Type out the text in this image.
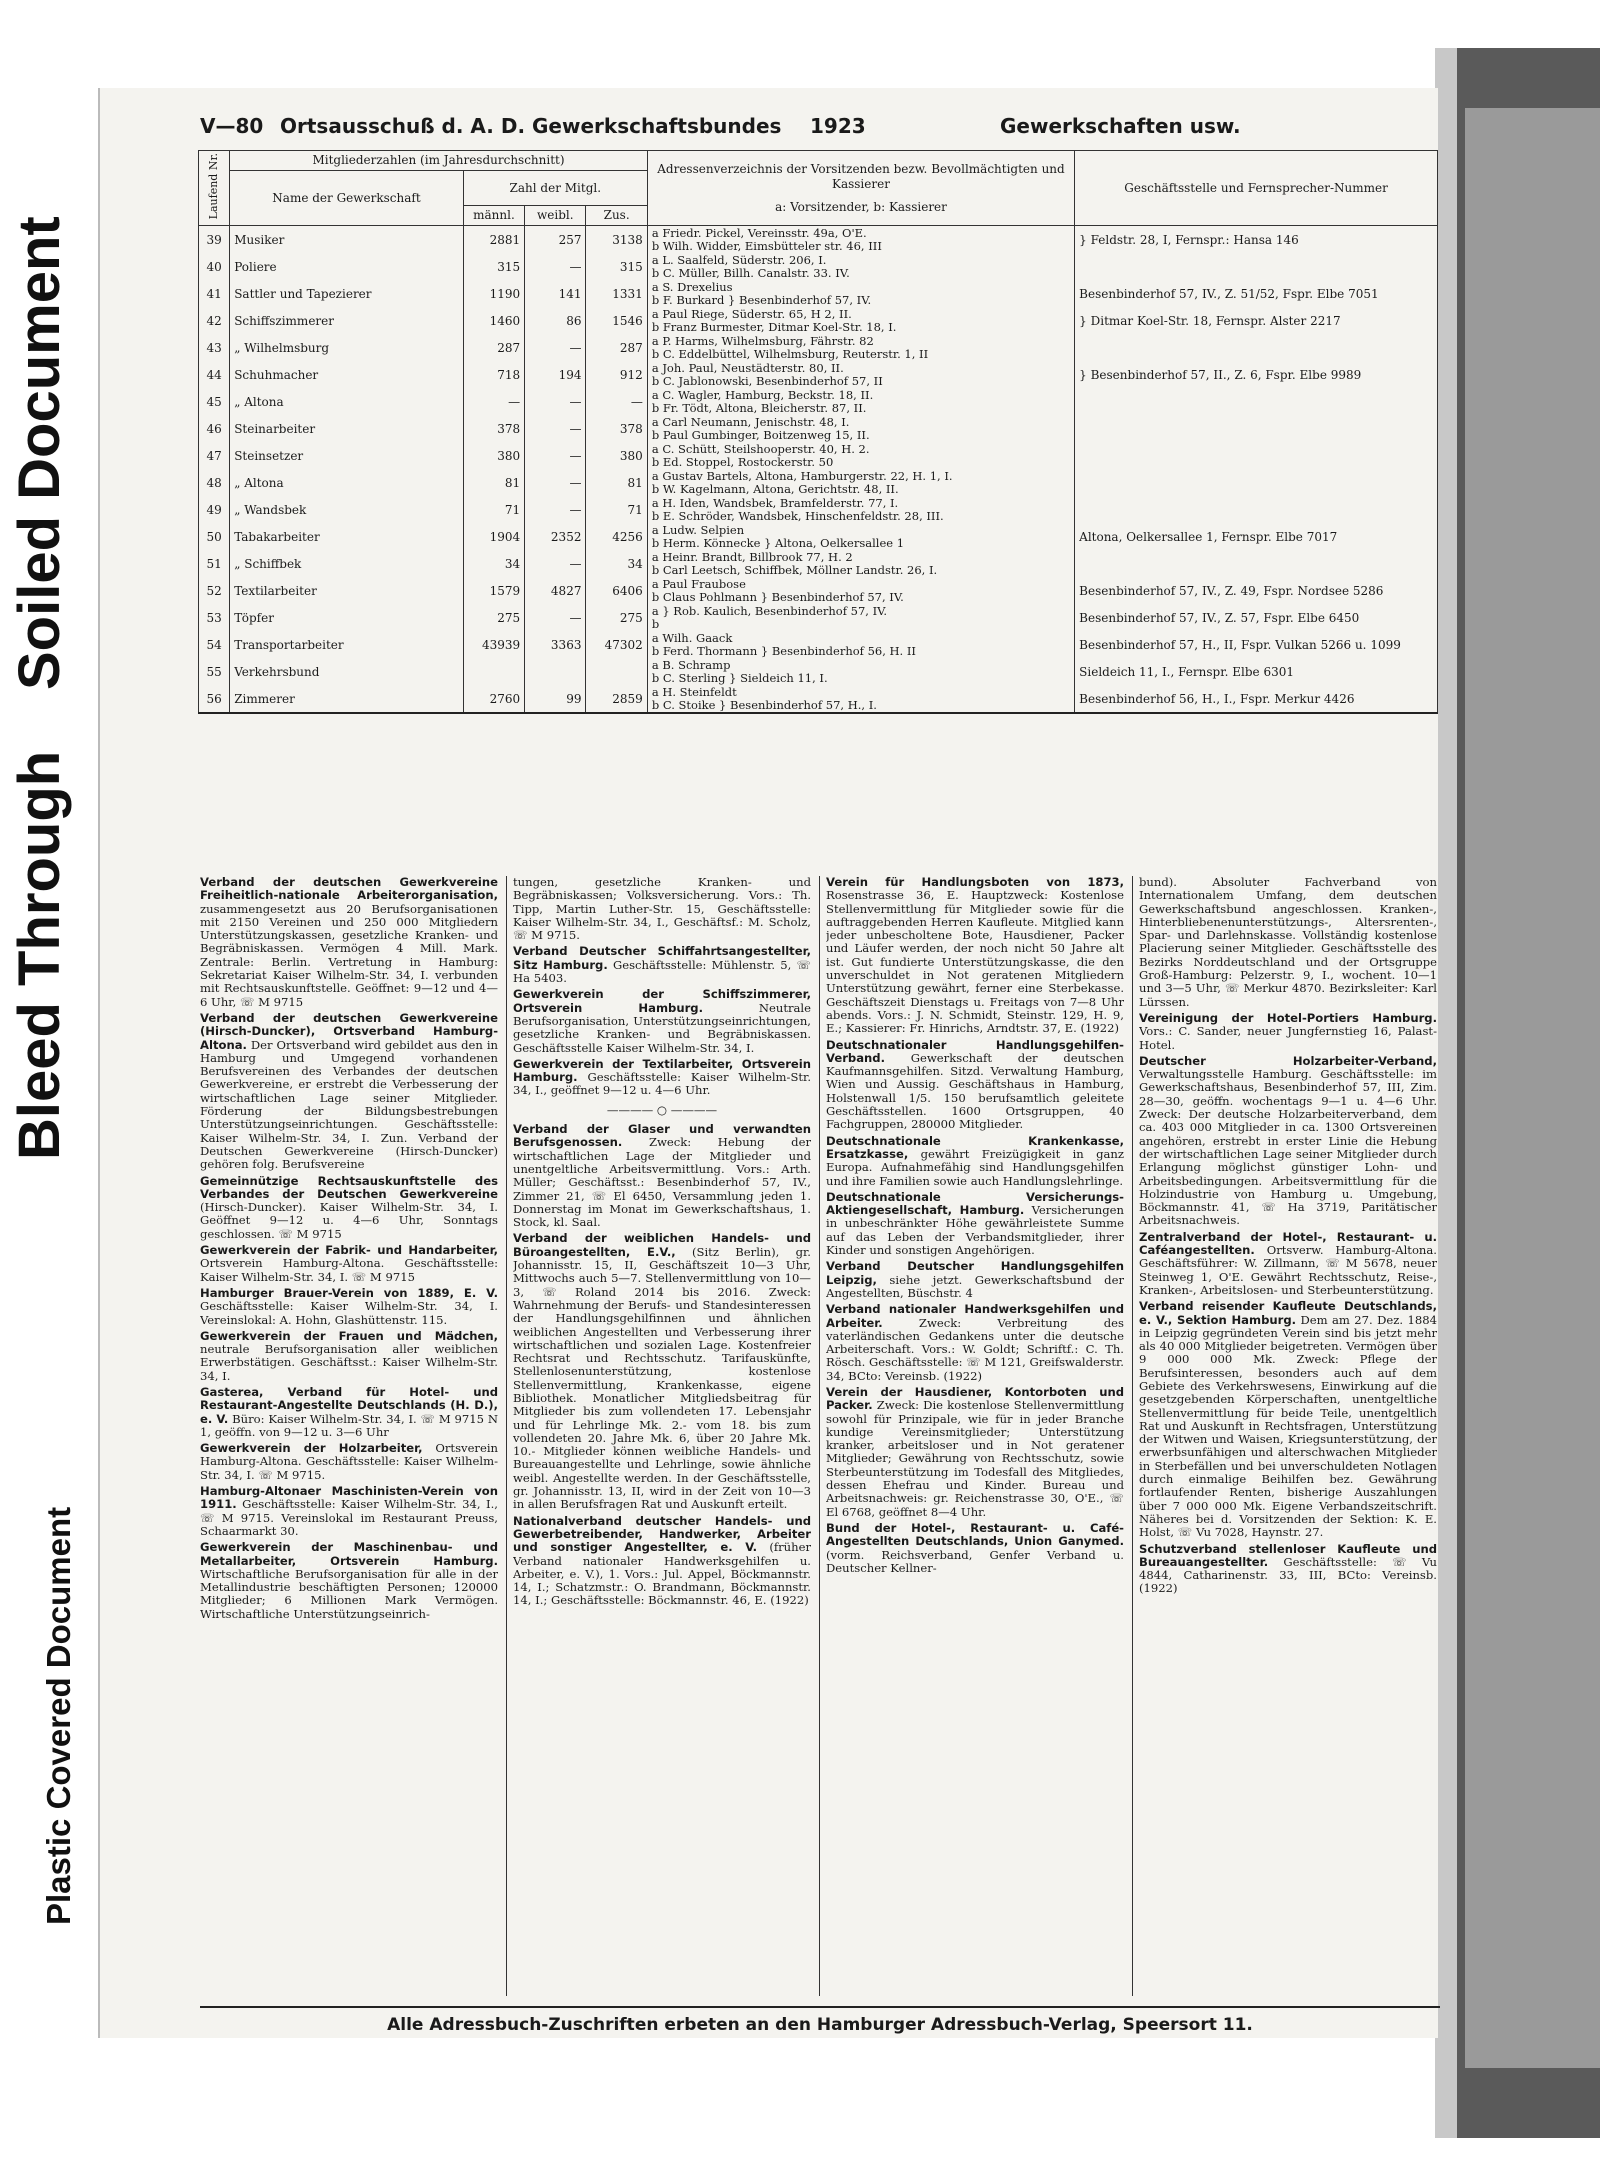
Soiled Document
Bleed Through
Plastic Covered Document
V—80 Ortsausschuß d. A. D. Gewerkschaftsbundes 1923	Gewerkschaften usw.
Laufend Nr.	Mitgliederzahlen (im Jahresdurchschnitt)				Adressenverzeichnis der Vorsitzenden bezw. Bevollmächtigten und Kassierer
a: Vorsitzender, b: Kassierer	Geschäftsstelle und Fernsprecher-Nummer
	Name der Gewerkschaft	Zahl der Mitgl.				
		männl.	weibl.	Zus.		
39	Musiker	2881	257	3138	a Friedr. Pickel, Vereinsstr. 49a, O'E.
b Wilh. Widder, Eimsbütteler str. 46, III	} Feldstr. 28, I, Fernspr.: Hansa 146
40	Poliere	315	—	315	a L. Saalfeld, Süderstr. 206, I.
b C. Müller, Billh. Canalstr. 33. IV.	

41	Sattler und Tapezierer	1190	141	1331	a S. Drexelius
b F. Burkard } Besenbinderhof 57, IV.	Besenbinderhof 57, IV., Z. 51/52, Fspr. Elbe 7051
42	Schiffszimmerer	1460	86	1546	a Paul Riege, Süderstr. 65, H 2, II.
b Franz Burmester, Ditmar Koel-Str. 18, I.	} Ditmar Koel-Str. 18, Fernspr. Alster 2217
43	„ Wilhelmsburg	287	—	287	a P. Harms, Wilhelmsburg, Fährstr. 82
b C. Eddelbüttel, Wilhelmsburg, Reuterstr. 1, II	

44	Schuhmacher	718	194	912	a Joh. Paul, Neustädterstr. 80, II.
b C. Jablonowski, Besenbinderhof 57, II	} Besenbinderhof 57, II., Z. 6, Fspr. Elbe 9989
45	„ Altona	—	—	—	a C. Wagler, Hamburg, Beckstr. 18, II.
b Fr. Tödt, Altona, Bleicherstr. 87, II.	

46	Steinarbeiter	378	—	378	a Carl Neumann, Jenischstr. 48, I.
b Paul Gumbinger, Boitzenweg 15, II.	

47	Steinsetzer	380	—	380	a C. Schütt, Steilshooperstr. 40, H. 2.
b Ed. Stoppel, Rostockerstr. 50	

48	„ Altona	81	—	81	a Gustav Bartels, Altona, Hamburgerstr. 22, H. 1, I.
b W. Kagelmann, Altona, Gerichtstr. 48, II.	

49	„ Wandsbek	71	—	71	a H. Iden, Wandsbek, Bramfelderstr. 77, I.
b E. Schröder, Wandsbek, Hinschenfeldstr. 28, III.	

50	Tabakarbeiter	1904	2352	4256	a Ludw. Selpien
b Herm. Könnecke } Altona, Oelkersallee 1	Altona, Oelkersallee 1, Fernspr. Elbe 7017
51	„ Schiffbek	34	—	34	a Heinr. Brandt, Billbrook 77, H. 2
b Carl Leetsch, Schiffbek, Möllner Landstr. 26, I.	

52	Textilarbeiter	1579	4827	6406	a Paul Fraubose
b Claus Pohlmann } Besenbinderhof 57, IV.	Besenbinderhof 57, IV., Z. 49, Fspr. Nordsee 5286
53	Töpfer	275	—	275	a } Rob. Kaulich, Besenbinderhof 57, IV.
b	Besenbinderhof 57, IV., Z. 57, Fspr. Elbe 6450
54	Transportarbeiter	43939	3363	47302	a Wilh. Gaack
b Ferd. Thormann } Besenbinderhof 56, H. II	Besenbinderhof 57, H., II, Fspr. Vulkan 5266 u. 1099
55	Verkehrsbund				a B. Schramp
b C. Sterling } Sieldeich 11, I.	Sieldeich 11, I., Fernspr. Elbe 6301
56	Zimmerer	2760	99	2859	a H. Steinfeldt
b C. Stoike } Besenbinderhof 57, H., I.	Besenbinderhof 56, H., I., Fspr. Merkur 4426
Verband der deutschen Gewerkvereine Freiheitlich-nationale Arbeiterorganisation, zusammengesetzt aus 20 Berufsorganisationen mit 2150 Vereinen und 250 000 Mitgliedern Unterstützungskassen, gesetzliche Kranken- und Begräbniskassen. Vermögen 4 Mill. Mark. Zentrale: Berlin. Vertretung in Hamburg: Sekretariat Kaiser Wilhelm-Str. 34, I. verbunden mit Rechtsauskunftstelle. Geöffnet: 9—12 und 4—6 Uhr, ☏ M 9715
Verband der deutschen Gewerkvereine (Hirsch-Duncker), Ortsverband Hamburg-Altona. Der Ortsverband wird gebildet aus den in Hamburg und Umgegend vorhandenen Berufsvereinen des Verbandes der deutschen Gewerkvereine, er erstrebt die Verbesserung der wirtschaftlichen Lage seiner Mitglieder. Förderung der Bildungsbestrebungen Unterstützungseinrichtungen. Geschäftsstelle: Kaiser Wilhelm-Str. 34, I. Zun. Verband der Deutschen Gewerkvereine (Hirsch-Duncker) gehören folg. Berufsvereine
Gemeinnützige Rechtsauskunftstelle des Verbandes der Deutschen Gewerkvereine (Hirsch-Duncker). Kaiser Wilhelm-Str. 34, I. Geöffnet 9—12 u. 4—6 Uhr, Sonntags geschlossen. ☏ M 9715
Gewerkverein der Fabrik- und Handarbeiter, Ortsverein Hamburg-Altona. Geschäftsstelle: Kaiser Wilhelm-Str. 34, I. ☏ M 9715
Hamburger Brauer-Verein von 1889, E. V. Geschäftsstelle: Kaiser Wilhelm-Str. 34, I. Vereinslokal: A. Hohn, Glashüttenstr. 115.
Gewerkverein der Frauen und Mädchen, neutrale Berufsorganisation aller weiblichen Erwerbstätigen. Geschäftsst.: Kaiser Wilhelm-Str. 34, I.
Gasterea, Verband für Hotel- und Restaurant-Angestellte Deutschlands (H. D.), e. V. Büro: Kaiser Wilhelm-Str. 34, I. ☏ M 9715 N 1, geöffn. von 9—12 u. 3—6 Uhr
Gewerkverein der Holzarbeiter, Ortsverein Hamburg-Altona. Geschäftsstelle: Kaiser Wilhelm-Str. 34, I. ☏ M 9715.
Hamburg-Altonaer Maschinisten-Verein von 1911. Geschäftsstelle: Kaiser Wilhelm-Str. 34, I., ☏ M 9715. Vereinslokal im Restaurant Preuss, Schaarmarkt 30.
Gewerkverein der Maschinenbau- und Metallarbeiter, Ortsverein Hamburg. Wirtschaftliche Berufsorganisation für alle in der Metallindustrie beschäftigten Personen; 120000 Mitglieder; 6 Millionen Mark Vermögen. Wirtschaftliche Unterstützungseinrich-
tungen, gesetzliche Kranken- und Begräbniskassen; Volksversicherung. Vors.: Th. Tipp, Martin Luther-Str. 15, Geschäftsstelle: Kaiser Wilhelm-Str. 34, I., Geschäftsf.: M. Scholz, ☏ M 9715.
Verband Deutscher Schiffahrtsangestellter, Sitz Hamburg. Geschäftsstelle: Mühlenstr. 5, ☏ Ha 5403.
Gewerkverein der Schiffszimmerer, Ortsverein Hamburg.	Neutrale Berufsorganisation, Unterstützungseinrichtungen, gesetzliche Kranken- und Begräbniskassen. Geschäftsstelle Kaiser Wilhelm-Str. 34, I.
Gewerkverein der Textilarbeiter, Ortsverein Hamburg. Geschäftsstelle: Kaiser Wilhelm-Str. 34, I., geöffnet 9—12 u. 4—6 Uhr.
———— ○ ————
Verband der Glaser und verwandten Berufsgenossen. Zweck: Hebung der wirtschaftlichen Lage der Mitglieder und unentgeltliche Arbeitsvermittlung. Vors.: Arth. Müller; Geschäftsst.: Besenbinderhof 57, IV., Zimmer 21, ☏ El 6450, Versammlung jeden 1. Donnerstag im Monat im Gewerkschaftshaus, 1. Stock, kl. Saal.
Verband der weiblichen Handels- und Büroangestellten, E.V., (Sitz Berlin), gr. Johannisstr. 15, II, Geschäftszeit 10—3 Uhr, Mittwochs auch 5—7. Stellenvermittlung von 10—3, ☏ Roland 2014 bis 2016. Zweck: Wahrnehmung der Berufs- und Standesinteressen der Handlungsgehilfinnen und ähnlichen weiblichen Angestellten und Verbesserung ihrer wirtschaftlichen und sozialen Lage. Kostenfreier Rechtsrat und Rechtsschutz. Tarifauskünfte, Stellenlosenunterstützung, kostenlose Stellenvermittlung, Krankenkasse, eigene Bibliothek. Monatlicher Mitgliedsbeitrag für Mitglieder bis zum vollendeten 17. Lebensjahr und für Lehrlinge Mk. 2.- vom 18. bis zum vollendeten 20. Jahre Mk. 6, über 20 Jahre Mk. 10.- Mitglieder können weibliche Handels- und Bureauangestellte und Lehrlinge, sowie ähnliche weibl. Angestellte werden. In der Geschäftsstelle, gr. Johannisstr. 13, II, wird in der Zeit von 10—3 in allen Berufsfragen Rat und Auskunft erteilt.
Nationalverband deutscher Handels- und Gewerbetreibender, Handwerker, Arbeiter und sonstiger Angestellter, e. V. (früher Verband nationaler Handwerksgehilfen u. Arbeiter, e. V.), 1. Vors.: Jul. Appel, Böckmannstr. 14, I.; Schatzmstr.: O. Brandmann, Böckmannstr. 14, I.; Geschäftsstelle: Böckmannstr. 46, E. (1922)
Verein für Handlungsboten von 1873, Rosenstrasse 36, E. Hauptzweck: Kostenlose Stellenvermittlung für Mitglieder sowie für die auftraggebenden Herren Kaufleute. Mitglied kann jeder unbescholtene Bote, Hausdiener, Packer und Läufer werden, der noch nicht 50 Jahre alt ist. Gut fundierte Unterstützungskasse, die den unverschuldet in Not geratenen Mitgliedern Unterstützung gewährt, ferner eine Sterbekasse. Geschäftszeit Dienstags u. Freitags von 7—8 Uhr abends. Vors.: J. N. Schmidt, Steinstr. 129, H. 9, E.; Kassierer: Fr. Hinrichs, Arndtstr. 37, E. (1922)
Deutschnationaler Handlungsgehilfen-Verband. Gewerkschaft der deutschen Kaufmannsgehilfen. Sitzd. Verwaltung Hamburg, Wien und Aussig. Geschäftshaus in Hamburg, Holstenwall 1/5. 150 berufsamtlich geleitete Geschäftsstellen. 1600 Ortsgruppen, 40 Fachgruppen, 280000 Mitglieder.
Deutschnationale Krankenkasse, Ersatzkasse, gewährt Freizügigkeit in ganz Europa. Aufnahmefähig sind Handlungsgehilfen und ihre Familien sowie auch Handlungslehrlinge.
Deutschnationale Versicherungs-Aktiengesellschaft, Hamburg. Versicherungen in unbeschränkter Höhe gewährleistete Summe auf das Leben der Verbandsmitglieder, ihrer Kinder und sonstigen Angehörigen.
Verband Deutscher Handlungsgehilfen Leipzig, siehe jetzt. Gewerkschaftsbund der Angestellten, Büschstr. 4
Verband nationaler Handwerksgehilfen und Arbeiter.	Zweck: Verbreitung des vaterländischen Gedankens unter die deutsche Arbeiterschaft. Vors.: W. Goldt; Schriftf.: C. Th. Rösch. Geschäftsstelle: ☏ M 121, Greifswalderstr. 34, BCto: Vereinsb. (1922)
Verein der Hausdiener, Kontorboten und Packer. Zweck: Die kostenlose Stellenvermittlung sowohl für Prinzipale, wie für in jeder Branche kundige Vereinsmitglieder; Unterstützung kranker, arbeitsloser und in Not geratener Mitglieder; Gewährung von Rechtsschutz, sowie Sterbeunterstützung im Todesfall des Mitgliedes, dessen Ehefrau und Kinder. Bureau und Arbeitsnachweis: gr. Reichenstrasse 30, O'E., ☏ El 6768, geöffnet 8—4 Uhr.
Bund der Hotel-, Restaurant- u. Café-Angestellten Deutschlands, Union Ganymed. (vorm. Reichsverband, Genfer Verband u. Deutscher Kellner-
bund). Absoluter Fachverband von Internationalem Umfang, dem deutschen Gewerkschaftsbund angeschlossen. Kranken-, Hinterbliebenenunterstützungs-, Altersrenten-, Spar- und Darlehnskasse. Vollständig kostenlose Placierung seiner Mitglieder. Geschäftsstelle des Bezirks Norddeutschland und der Ortsgruppe Groß-Hamburg: Pelzerstr. 9, I., wochent. 10—1 und 3—5 Uhr, ☏ Merkur 4870. Bezirksleiter: Karl Lürssen.
Vereinigung der Hotel-Portiers Hamburg. Vors.: C. Sander, neuer Jungfernstieg 16, Palast-Hotel.
Deutscher Holzarbeiter-Verband, Verwaltungsstelle Hamburg. Geschäftsstelle: im Gewerkschaftshaus, Besenbinderhof 57, III, Zim. 28—30, geöffn. wochentags 9—1 u. 4—6 Uhr. Zweck: Der deutsche Holzarbeiterverband, dem ca. 403 000 Mitglieder in ca. 1300 Ortsvereinen angehören, erstrebt in erster Linie die Hebung der wirtschaftlichen Lage seiner Mitglieder durch Erlangung möglichst günstiger Lohn- und Arbeitsbedingungen. Arbeitsvermittlung für die Holzindustrie von Hamburg u. Umgebung, Böckmannstr. 41, ☏ Ha 3719, Paritätischer Arbeitsnachweis.
Zentralverband der Hotel-, Restaurant- u. Caféangestellten. Ortsverw. Hamburg-Altona. Geschäftsführer: W. Zillmann, ☏ M 5678, neuer Steinweg 1, O'E. Gewährt Rechtsschutz, Reise-, Kranken-, Arbeitslosen- und Sterbeunterstützung.
Verband reisender Kaufleute Deutschlands, e. V., Sektion Hamburg. Dem am 27. Dez. 1884 in Leipzig gegründeten Verein sind bis jetzt mehr als 40 000 Mitglieder beigetreten. Vermögen über 9 000 000 Mk. Zweck: Pflege der Berufsinteressen, besonders auch auf dem Gebiete des Verkehrswesens, Einwirkung auf die gesetzgebenden Körperschaften, unentgeltliche Stellenvermittlung für beide Teile, unentgeltlich Rat und Auskunft in Rechtsfragen, Unterstützung der Witwen und Waisen, Kriegsunterstützung, der erwerbsunfähigen und alterschwachen Mitglieder in Sterbefällen und bei unverschuldeten Notlagen durch einmalige Beihilfen bez. Gewährung fortlaufender Renten, bisherige Auszahlungen über 7 000 000 Mk. Eigene Verbandszeitschrift. Näheres bei d. Vorsitzenden der Sektion: K. E. Holst, ☏ Vu 7028, Haynstr. 27.
Schutzverband stellenloser Kaufleute und Bureauangestellter. Geschäftsstelle: ☏ Vu 4844, Catharinenstr. 33, III, BCto: Vereinsb. (1922)
Alle Adressbuch-Zuschriften erbeten an den Hamburger Adressbuch-Verlag, Speersort 11.
